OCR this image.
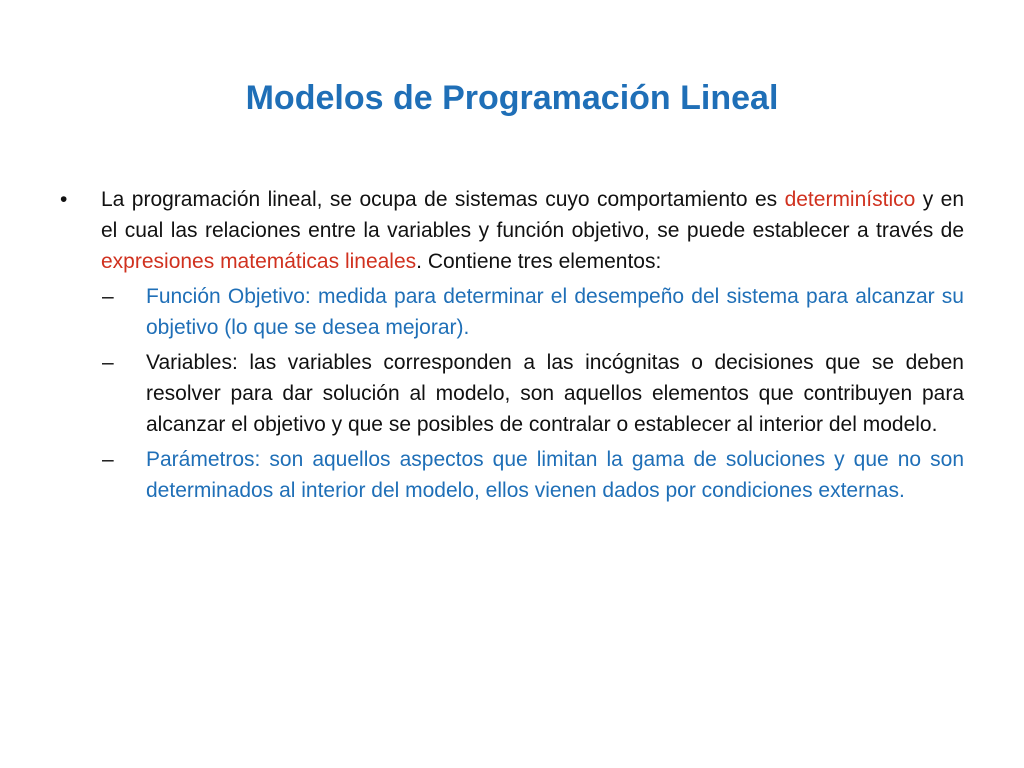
Modelos de Programación Lineal
•	La programación lineal, se ocupa de sistemas cuyo comportamiento es determinístico y en el cual las relaciones entre la variables y función objetivo, se puede establecer a través de expresiones matemáticas lineales. Contiene tres elementos:
–	Función Objetivo: medida para determinar el desempeño del sistema para alcanzar su objetivo (lo que se desea mejorar).
–	Variables: las variables corresponden a las incógnitas o decisiones que se deben resolver para dar solución al modelo, son aquellos elementos que contribuyen para alcanzar el objetivo y que se posibles de contralar o establecer al interior del modelo.
–	Parámetros: son aquellos aspectos que limitan la gama de soluciones y que no son determinados al interior del modelo, ellos vienen dados por condiciones externas.
